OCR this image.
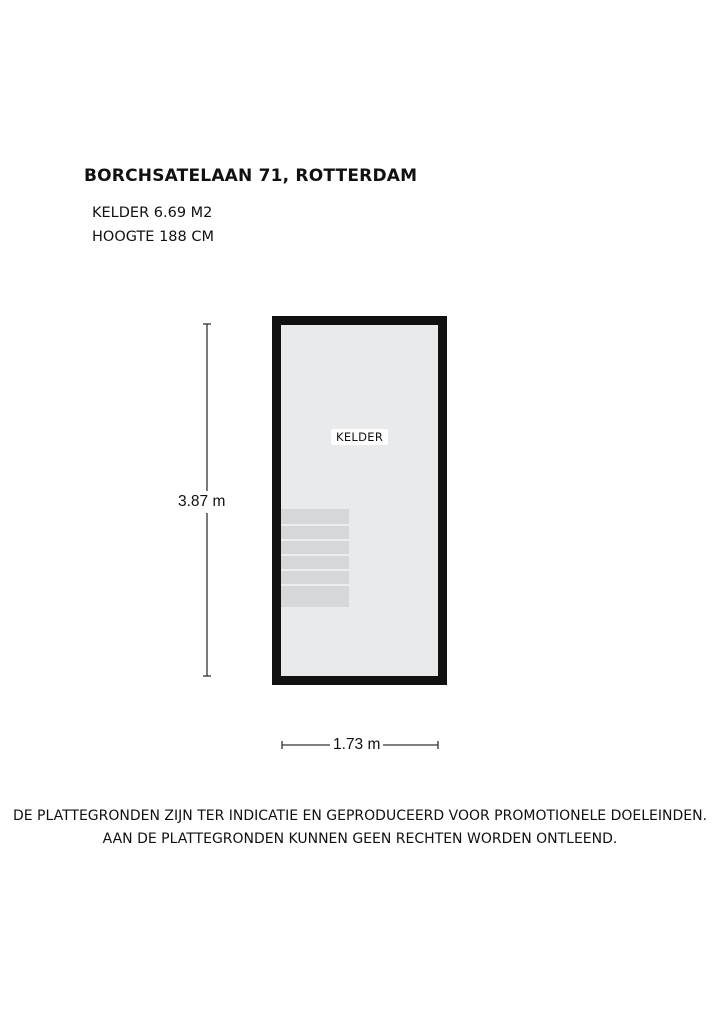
BORCHSATELAAN 71, ROTTERDAM
KELDER 6.69 M2
HOOGTE 188 CM
3.87 m
1.73 m
KELDER
DE PLATTEGRONDEN ZIJN TER INDICATIE EN GEPRODUCEERD VOOR PROMOTIONELE DOELEINDEN.
AAN DE PLATTEGRONDEN KUNNEN GEEN RECHTEN WORDEN ONTLEEND.
